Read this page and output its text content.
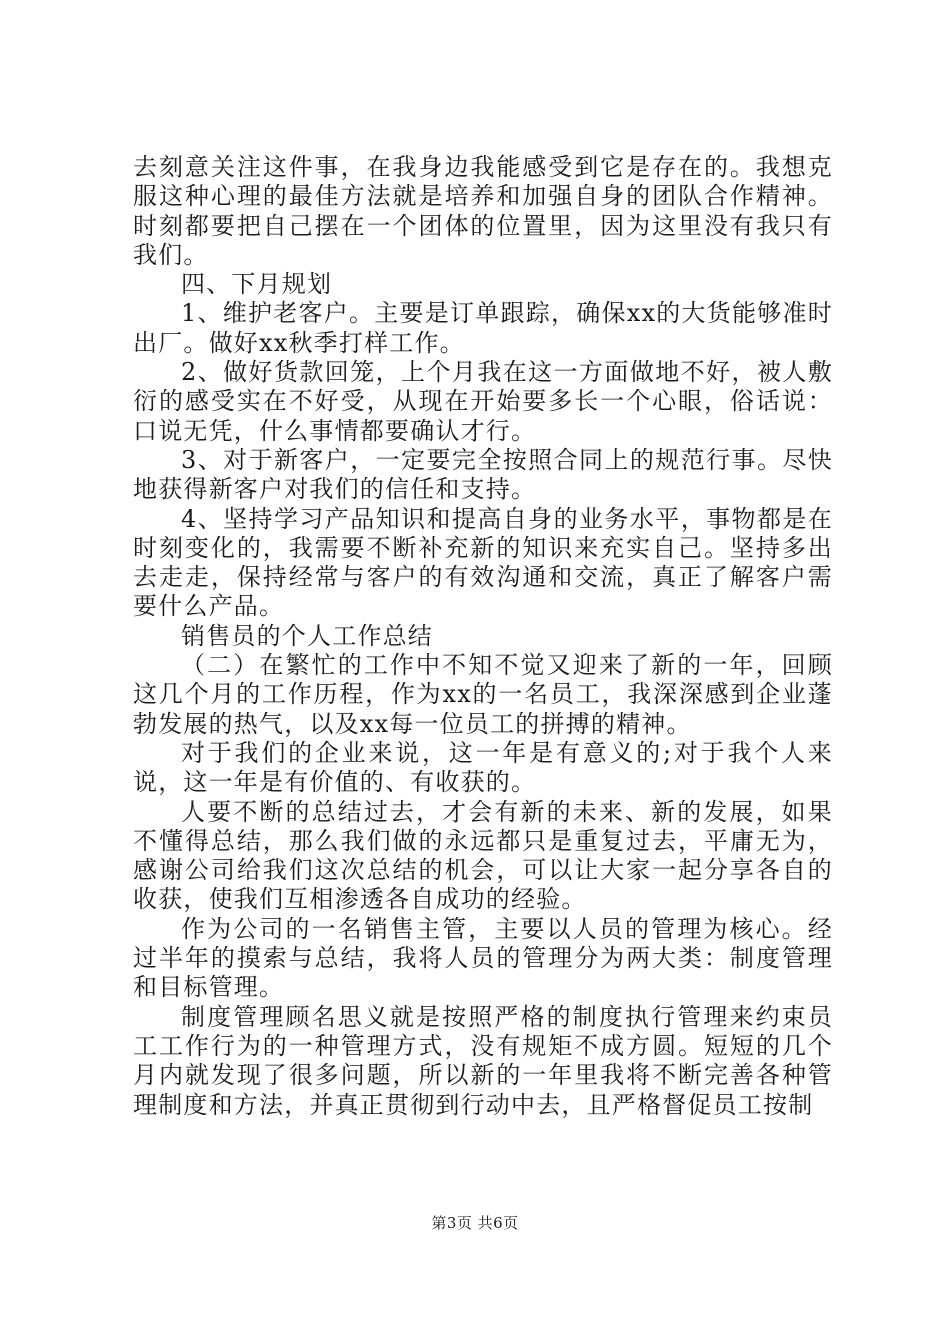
去刻意关注这件事，在我身边我能感受到它是存在的。我想克服这种心理的最佳方法就是培养和加强自身的团队合作精神。时刻都要把自己摆在一个团体的位置里，因为这里没有我只有我们。

四、下月规划

1、维护老客户。主要是订单跟踪，确保xx的大货能够准时出厂。做好xx秋季打样工作。

2、做好货款回笼，上个月我在这一方面做地不好，被人敷衍的感受实在不好受，从现在开始要多长一个心眼，俗话说：口说无凭，什么事情都要确认才行。

3、对于新客户，一定要完全按照合同上的规范行事。尽快地获得新客户对我们的信任和支持。

4、坚持学习产品知识和提高自身的业务水平，事物都是在时刻变化的，我需要不断补充新的知识来充实自己。坚持多出去走走，保持经常与客户的有效沟通和交流，真正了解客户需要什么产品。

销售员的个人工作总结

（二）在繁忙的工作中不知不觉又迎来了新的一年，回顾这几个月的工作历程，作为xx的一名员工，我深深感到企业蓬勃发展的热气，以及xx每一位员工的拼搏的精神。

对于我们的企业来说，这一年是有意义的;对于我个人来说，这一年是有价值的、有收获的。

人要不断的总结过去，才会有新的未来、新的发展，如果不懂得总结，那么我们做的永远都只是重复过去，平庸无为，感谢公司给我们这次总结的机会，可以让大家一起分享各自的收获，使我们互相渗透各自成功的经验。

作为公司的一名销售主管，主要以人员的管理为核心。经过半年的摸索与总结，我将人员的管理分为两大类：制度管理和目标管理。

制度管理顾名思义就是按照严格的制度执行管理来约束员工工作行为的一种管理方式，没有规矩不成方圆。短短的几个月内就发现了很多问题，所以新的一年里我将不断完善各种管理制度和方法，并真正贯彻到行动中去，且严格督促员工按制

第3页 共6页
